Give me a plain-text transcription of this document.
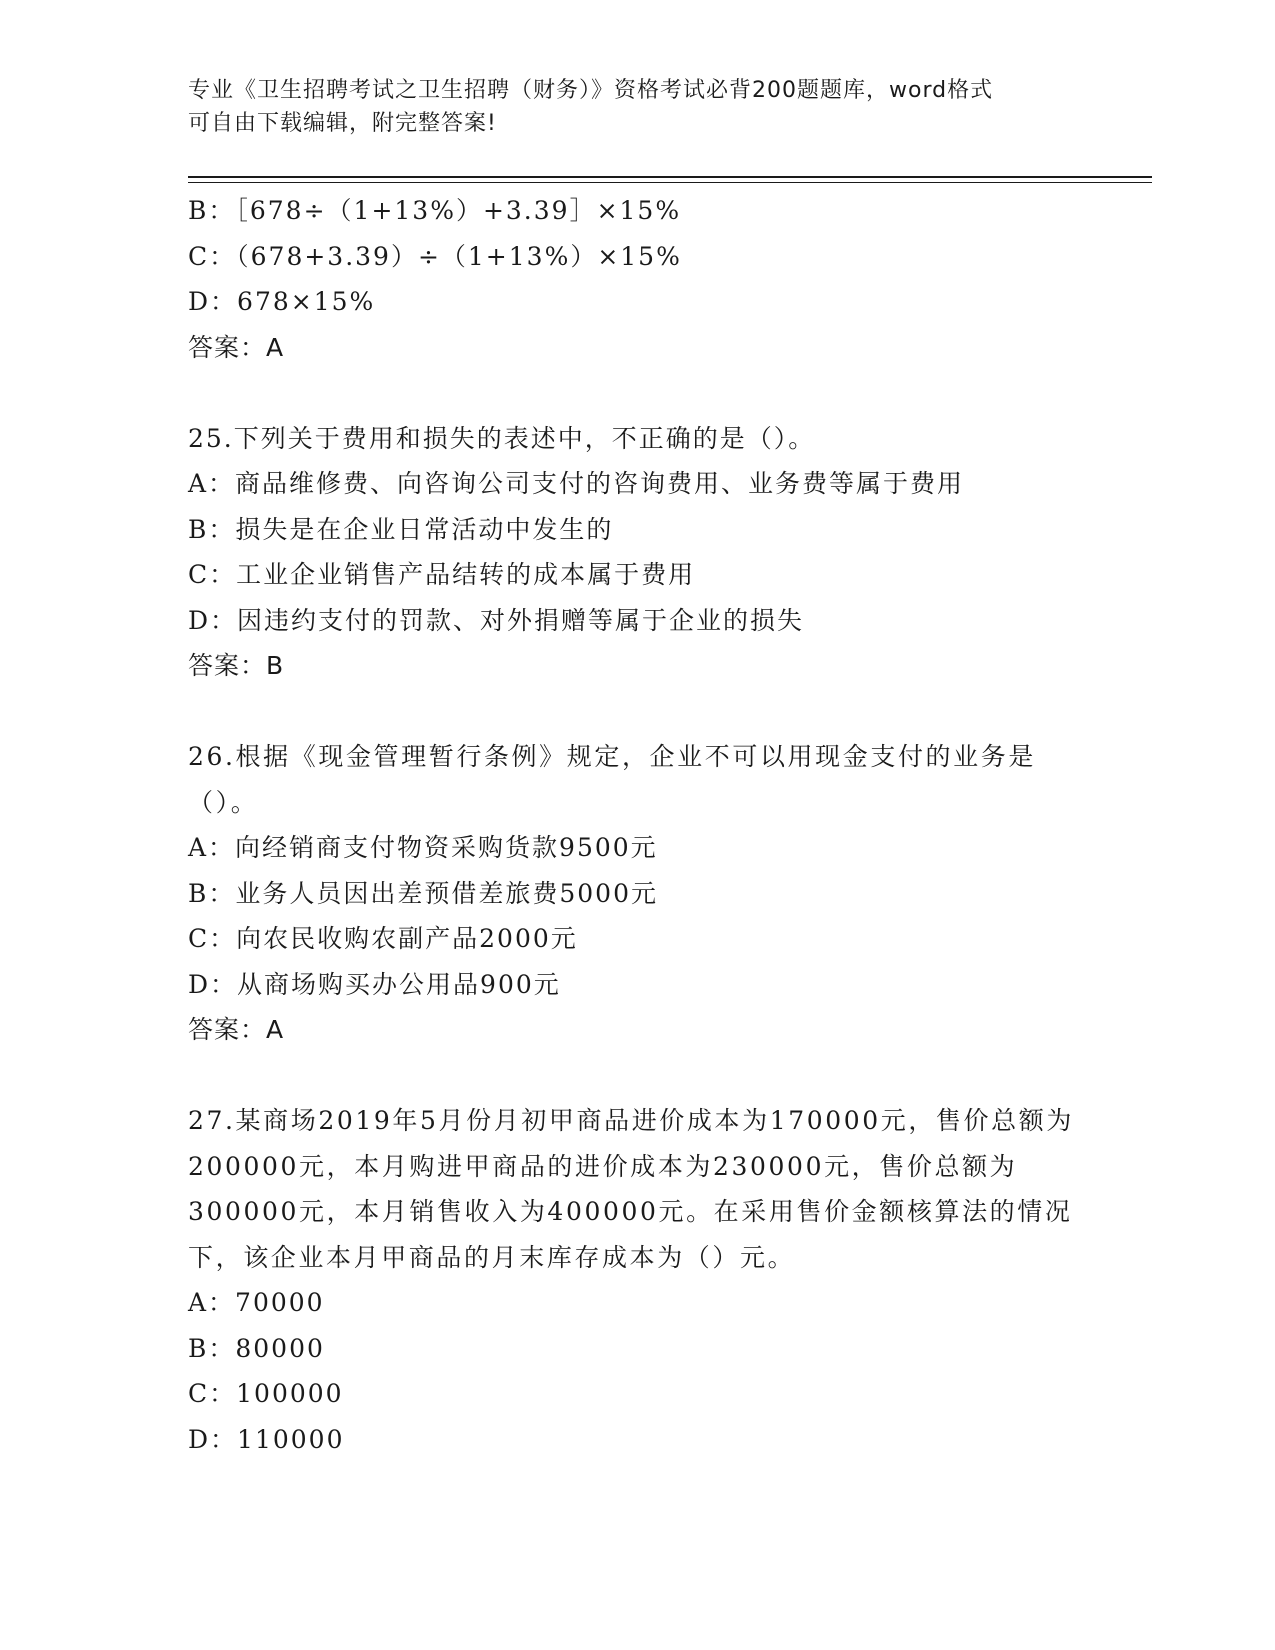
专业《卫生招聘考试之卫生招聘（财务）》资格考试必背200题题库，word格式
可自由下载编辑，附完整答案!
B：［678÷（1+13%）+3.39］×15%
C：（678+3.39）÷（1+13%）×15%
D：678×15%
答案：A
25.下列关于费用和损失的表述中，不正确的是（）。
A：商品维修费、向咨询公司支付的咨询费用、业务费等属于费用
B：损失是在企业日常活动中发生的
C：工业企业销售产品结转的成本属于费用
D：因违约支付的罚款、对外捐赠等属于企业的损失
答案：B
26.根据《现金管理暂行条例》规定，企业不可以用现金支付的业务是（）。
A：向经销商支付物资采购货款9500元
B：业务人员因出差预借差旅费5000元
C：向农民收购农副产品2000元
D：从商场购买办公用品900元
答案：A
27.某商场2019年5月份月初甲商品进价成本为170000元，售价总额为200000元，本月购进甲商品的进价成本为230000元，售价总额为300000元，本月销售收入为400000元。在采用售价金额核算法的情况下，该企业本月甲商品的月末库存成本为（）元。
A：70000
B：80000
C：100000
D：110000
